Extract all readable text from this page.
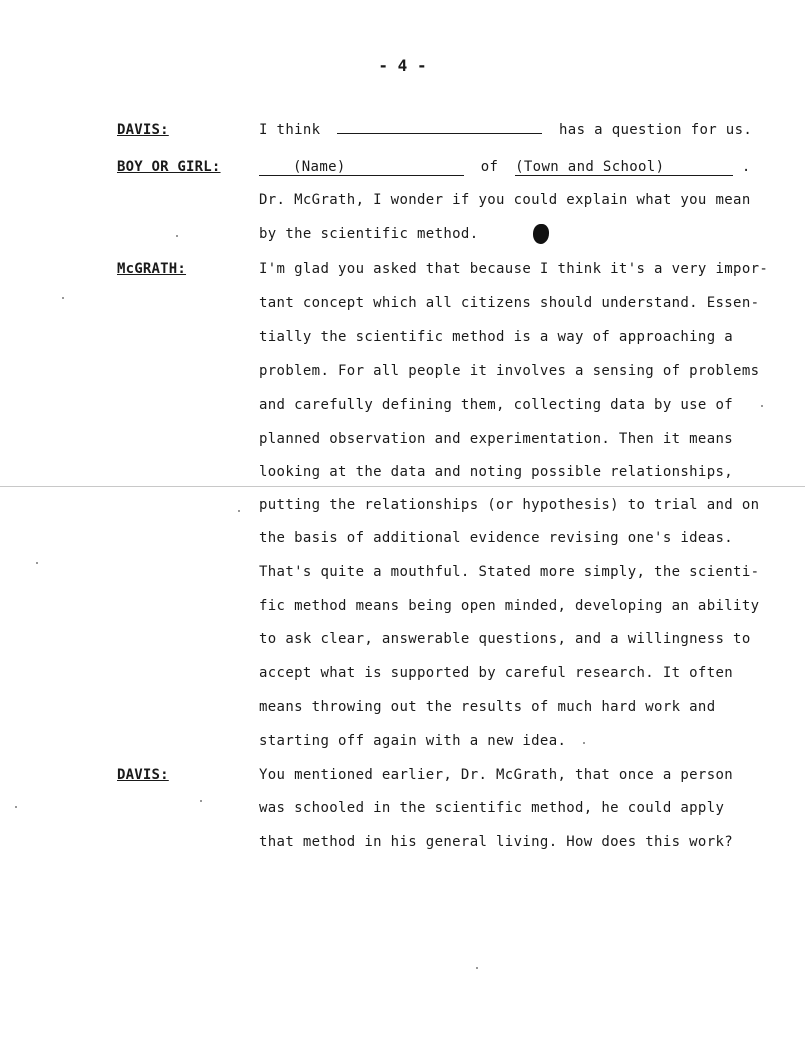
- 4 -
DAVIS:	I think	has a question for us.
BOY OR GIRL:	(Name)	of (Town and School)	.
Dr. McGrath, I wonder if you could explain what you mean
by the scientific method.
McGRATH:	I'm glad you asked that because I think it's a very impor-
tant concept which all citizens should understand. Essen-
tially the scientific method is a way of approaching a
problem. For all people it involves a sensing of problems
and carefully defining them, collecting data by use of
planned observation and experimentation. Then it means
looking at the data and noting possible relationships,
putting the relationships (or hypothesis) to trial and on
the basis of additional evidence revising one's ideas.
That's quite a mouthful. Stated more simply, the scienti-
fic method means being open minded, developing an ability
to ask clear, answerable questions, and a willingness to
accept what is supported by careful research. It often
means throwing out the results of much hard work and
starting off again with a new idea.
DAVIS:	You mentioned earlier, Dr. McGrath, that once a person
was schooled in the scientific method, he could apply
that method in his general living. How does this work?
